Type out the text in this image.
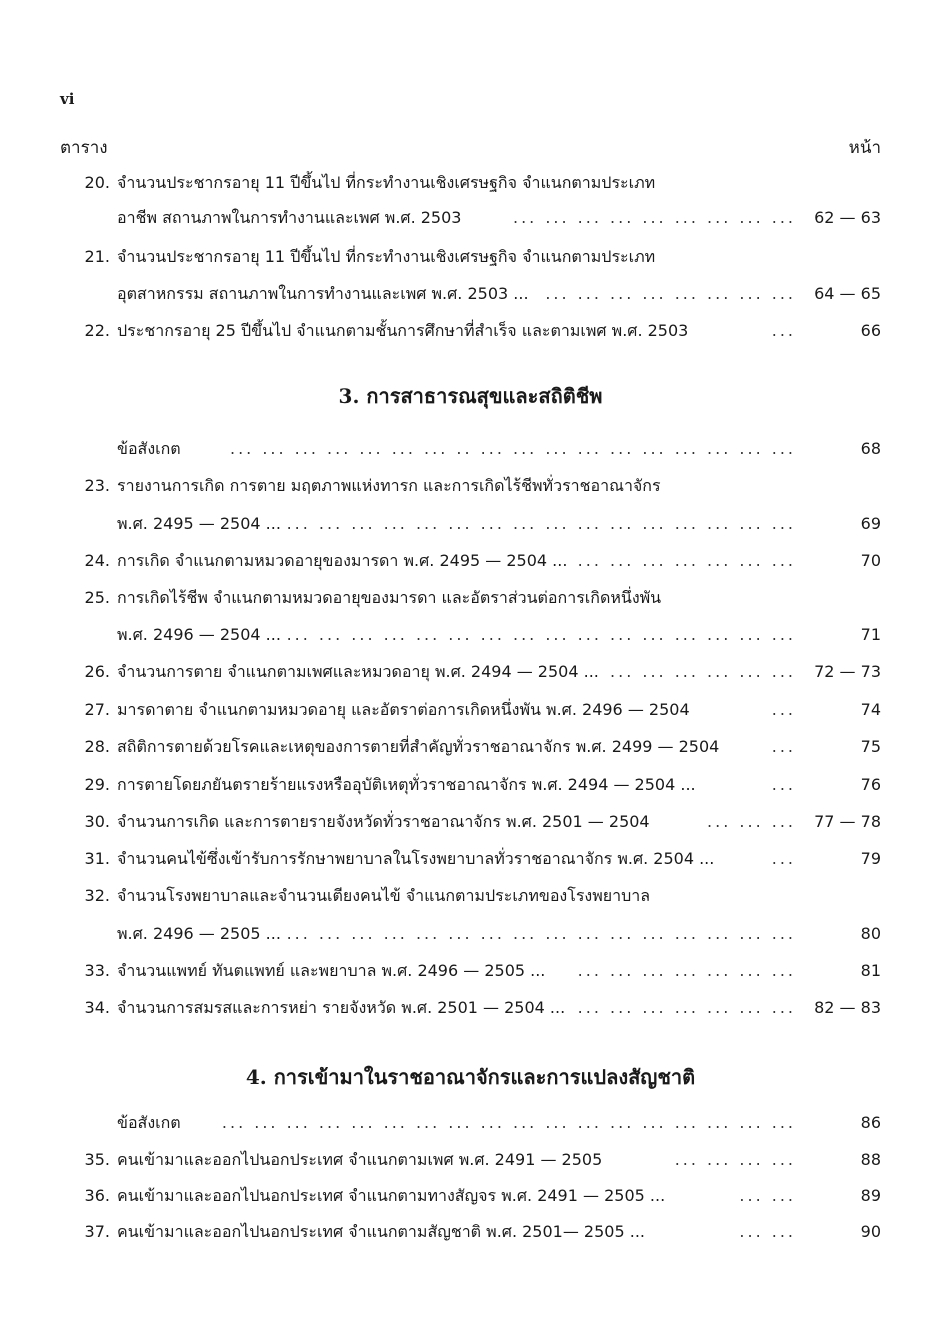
vi
ตาราง	หน้า
20. จำนวนประชากรอายุ 11 ปีขึ้นไป ที่กระทำงานเชิงเศรษฐกิจ จำแนกตามประเภท
อาชีพ สถานภาพในการทำงานและเพศ พ.ศ. 2503	... ... ... ... ... ... ... ... ... 62 — 63
21. จำนวนประชากรอายุ 11 ปีขึ้นไป ที่กระทำงานเชิงเศรษฐกิจ จำแนกตามประเภท
อุตสาหกรรม สถานภาพในการทำงานและเพศ พ.ศ. 2503 ... ... ... ... ... ... ... ... ... 64 — 65
22. ประชากรอายุ 25 ปีขึ้นไป จำแนกตามชั้นการศึกษาที่สำเร็จ และตามเพศ พ.ศ. 2503	...	66
3. การสาธารณสุขและสถิติชีพ
ข้อสังเกต	... ... ... ... ... ... ... .. ... ... ... ... ... ... ... ... ... ...	68
23. รายงานการเกิด การตาย มฤตภาพแห่งทารก และการเกิดไร้ชีพทั่วราชอาณาจักร
พ.ศ. 2495 — 2504 ... ... ... ... ... ... ... ... ... ... ... ... ... ... ... ... ...	69
24. การเกิด จำแนกตามหมวดอายุของมารดา พ.ศ. 2495 — 2504 ... ... ... ... ... ... ... ...	70
25. การเกิดไร้ชีพ จำแนกตามหมวดอายุของมารดา และอัตราส่วนต่อการเกิดหนึ่งพัน
พ.ศ. 2496 — 2504 ... ... ... ... ... ... ... ... ... ... ... ... ... ... ... ... ...	71
26. จำนวนการตาย จำแนกตามเพศและหมวดอายุ พ.ศ. 2494 — 2504 ... ... ... ... ... ... ... 72 — 73
27. มารดาตาย จำแนกตามหมวดอายุ และอัตราต่อการเกิดหนึ่งพัน พ.ศ. 2496 — 2504	...	74
28. สถิติการตายด้วยโรคและเหตุของการตายที่สำคัญทั่วราชอาณาจักร พ.ศ. 2499 — 2504	...	75
29. การตายโดยภยันตรายร้ายแรงหรืออุบัติเหตุทั่วราชอาณาจักร พ.ศ. 2494 — 2504 ...	...	76
30. จำนวนการเกิด และการตายรายจังหวัดทั่วราชอาณาจักร พ.ศ. 2501 — 2504	... ... ... 77 — 78
31. จำนวนคนไข้ซึ่งเข้ารับการรักษาพยาบาลในโรงพยาบาลทั่วราชอาณาจักร พ.ศ. 2504 ...	...	79
32. จำนวนโรงพยาบาลและจำนวนเตียงคนไข้ จำแนกตามประเภทของโรงพยาบาล
พ.ศ. 2496 — 2505 ... ... ... ... ... ... ... ... ... ... ... ... ... ... ... ... ...	80
33. จำนวนแพทย์ ทันตแพทย์ และพยาบาล พ.ศ. 2496 — 2505 ... ... ... ... ... ... ... ...	81
34. จำนวนการสมรสและการหย่า รายจังหวัด พ.ศ. 2501 — 2504 ... ... ... ... ... ... ... ... 82 — 83
4. การเข้ามาในราชอาณาจักรและการแปลงสัญชาติ
ข้อสังเกต	... ... ... ... ... ... ... ... ... ... ... ... ... ... ... ... ... ...	86
35. คนเข้ามาและออกไปนอกประเทศ จำแนกตามเพศ พ.ศ. 2491 — 2505	... ... ... ...	88
36. คนเข้ามาและออกไปนอกประเทศ จำแนกตามทางสัญจร พ.ศ. 2491 — 2505 ...	... ...	89
37. คนเข้ามาและออกไปนอกประเทศ จำแนกตามสัญชาติ พ.ศ. 2501— 2505 ...	... ...	90
